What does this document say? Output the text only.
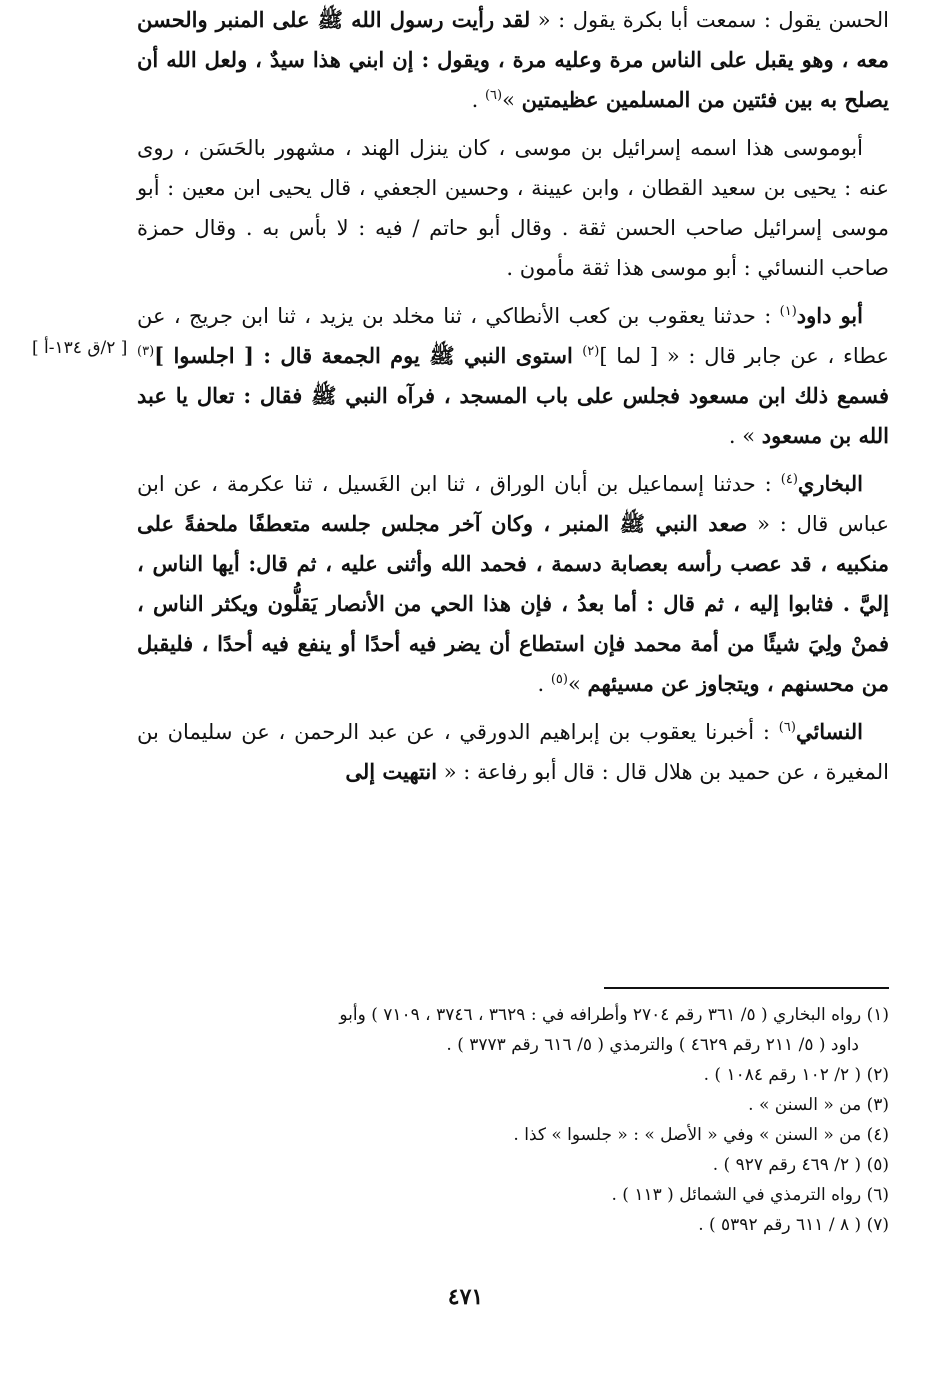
الحسن يقول : سمعت أبا بكرة يقول : « لقد رأيت رسول الله ﷺ على المنبر والحسن معه ، وهو يقبل على الناس مرة وعليه مرة ، ويقول : إن ابني هذا سيدٌ ، ولعل الله أن يصلح به بين فئتين من المسلمين عظيمتين »$^{(٦)}$ .

أبوموسى هذا اسمه إسرائيل بن موسى ، كان ينزل الهند ، مشهور بالحَسَن ، روى عنه : يحيى بن سعيد القطان ، وابن عيينة ، وحسين الجعفي ، قال يحيى ابن معين : أبو موسى إسرائيل صاحب الحسن ثقة . وقال أبو حاتم / فيه : لا بأس به . وقال حمزة صاحب النسائي : أبو موسى هذا ثقة مأمون .

أبو داود$^{(١)}$ : حدثنا يعقوب بن كعب الأنطاكي ، ثنا مخلد بن يزيد ، ثنا ابن جريج ، عن عطاء ، عن جابر قال : « [ لما ]$^{(٢)}$ استوى النبي ﷺ يوم الجمعة قال : [ اجلسوا ]$^{(٣)}$ فسمع ذلك ابن مسعود فجلس على باب المسجد ، فرآه النبي ﷺ فقال : تعال يا عبد الله بن مسعود » .

البخاري$^{(٤)}$ : حدثنا إسماعيل بن أبان الوراق ، ثنا ابن الغَسيل ، ثنا عكرمة ، عن ابن عباس قال : « صعد النبي ﷺ المنبر ، وكان آخر مجلس جلسه متعطفًا ملحفةً على منكبيه ، قد عصب رأسه بعصابة دسمة ، فحمد الله وأثنى عليه ، ثم قال: أيها الناس ، إليَّ . فثابوا إليه ، ثم قال : أما بعدُ ، فإن هذا الحي من الأنصار يَقلُّون ويكثر الناس ، فمنْ ولِيَ شيئًا من أمة محمد فإن استطاع أن يضر فيه أحدًا أو ينفع فيه أحدًا ، فليقبل من محسنهم ، ويتجاوز عن مسيئهم »$^{(٥)}$ .

النسائي$^{(٦)}$ : أخبرنا يعقوب بن إبراهيم الدورقي ، عن عبد الرحمن ، عن سليمان بن المغيرة ، عن حميد بن هلال قال : قال أبو رفاعة : « انتهيت إلى

[ ٢/ق ١٣٤-أ ]

(١) رواه البخاري ( ٥/ ٣٦١ رقم ٢٧٠٤ وأطرافه في : ٣٦٢٩ ، ٣٧٤٦ ، ٧١٠٩ ) وأبو

داود ( ٥/ ٢١١ رقم ٤٦٢٩ ) والترمذي ( ٥/ ٦١٦ رقم ٣٧٧٣ ) .

(٢) ( ٢/ ١٠٢ رقم ١٠٨٤ ) .

(٣) من « السنن » .

(٤) من « السنن » وفي « الأصل » : « جلسوا » كذا .

(٥) ( ٢/ ٤٦٩ رقم ٩٢٧ ) .

(٦) رواه الترمذي في الشمائل ( ١١٣ ) .

(٧) ( ٨ / ٦١١ رقم ٥٣٩٢ ) .

٤٧١
